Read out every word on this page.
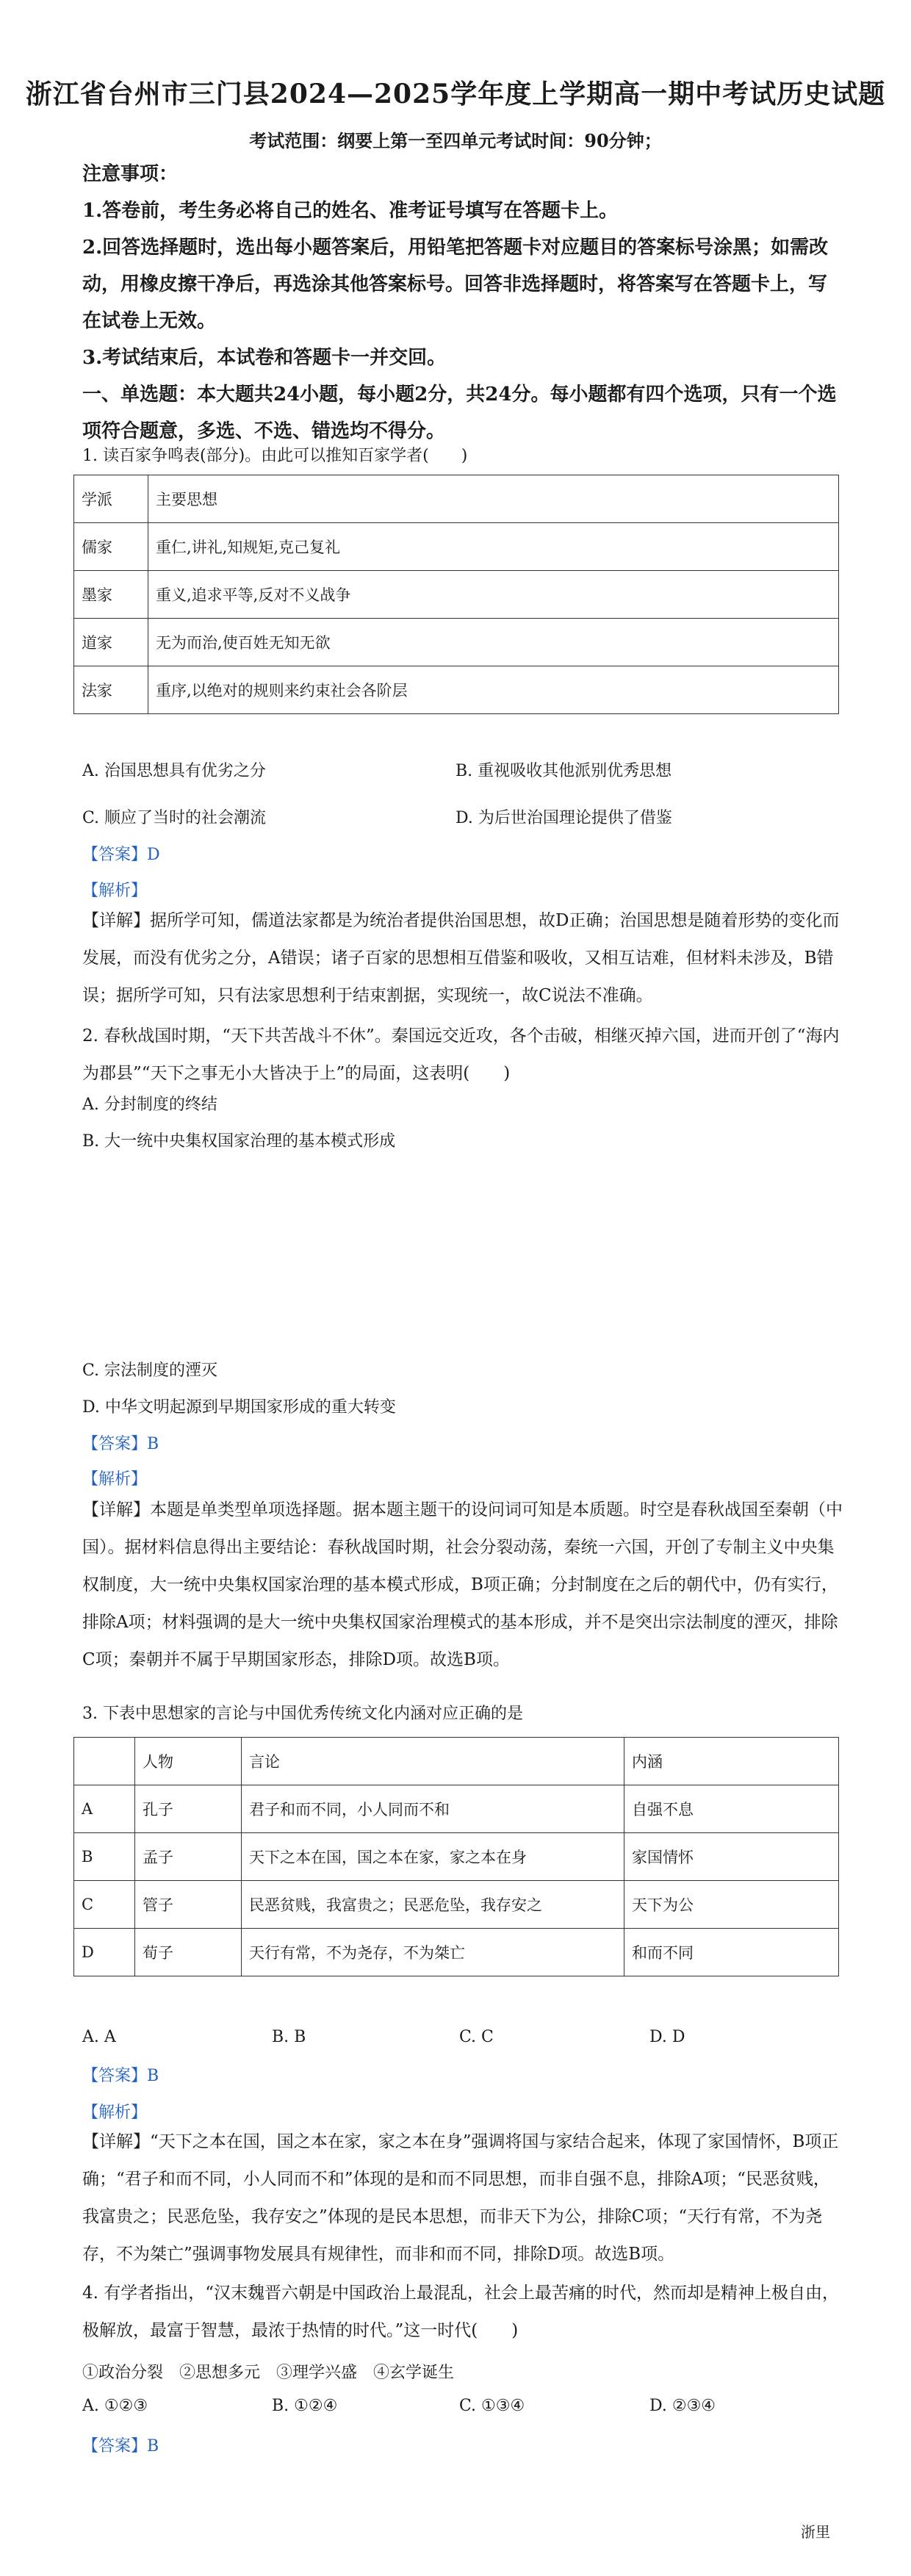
浙江省台州市三门县2024—2025学年度上学期高一期中考试历史试题
考试范围：纲要上第一至四单元考试时间：90分钟；
注意事项：
1.答卷前，考生务必将自己的姓名、准考证号填写在答题卡上。
2.回答选择题时，选出每小题答案后，用铅笔把答题卡对应题目的答案标号涂黑；如需改动，用橡皮擦干净后，再选涂其他答案标号。回答非选择题时，将答案写在答题卡上，写在试卷上无效。
3.考试结束后，本试卷和答题卡一并交回。
一、单选题：本大题共24小题，每小题2分，共24分。每小题都有四个选项，只有一个选项符合题意，多选、不选、错选均不得分。
1. 读百家争鸣表(部分)。由此可以推知百家学者(　　)
学派	主要思想
儒家	重仁,讲礼,知规矩,克己复礼
墨家	重义,追求平等,反对不义战争
道家	无为而治,使百姓无知无欲
法家	重序,以绝对的规则来约束社会各阶层
A. 治国思想具有优劣之分	B. 重视吸收其他派别优秀思想
C. 顺应了当时的社会潮流	D. 为后世治国理论提供了借鉴
【答案】D
【解析】
【详解】据所学可知，儒道法家都是为统治者提供治国思想，故D正确；治国思想是随着形势的变化而发展，而没有优劣之分，A错误；诸子百家的思想相互借鉴和吸收，又相互诘难，但材料未涉及，B错误；据所学可知，只有法家思想利于结束割据，实现统一，故C说法不准确。
2. 春秋战国时期，“天下共苦战斗不休”。秦国远交近攻，各个击破，相继灭掉六国，进而开创了“海内为郡县”“天下之事无小大皆决于上”的局面，这表明(　　)
A. 分封制度的终结
B. 大一统中央集权国家治理的基本模式形成
C. 宗法制度的湮灭
D. 中华文明起源到早期国家形成的重大转变
【答案】B
【解析】
【详解】本题是单类型单项选择题。据本题主题干的设问词可知是本质题。时空是春秋战国至秦朝（中国）。据材料信息得出主要结论：春秋战国时期，社会分裂动荡，秦统一六国，开创了专制主义中央集权制度，大一统中央集权国家治理的基本模式形成，B项正确；分封制度在之后的朝代中，仍有实行，排除A项；材料强调的是大一统中央集权国家治理模式的基本形成，并不是突出宗法制度的湮灭，排除C项；秦朝并不属于早期国家形态，排除D项。故选B项。
3. 下表中思想家的言论与中国优秀传统文化内涵对应正确的是
	人物	言论	内涵
A	孔子	君子和而不同，小人同而不和	自强不息
B	孟子	天下之本在国，国之本在家，家之本在身	家国情怀
C	管子	民恶贫贱，我富贵之；民恶危坠，我存安之	天下为公
D	荀子	天行有常，不为尧存，不为桀亡	和而不同
A. A	B. B	C. C	D. D
【答案】B
【解析】
【详解】“天下之本在国，国之本在家，家之本在身”强调将国与家结合起来，体现了家国情怀，B项正确；“君子和而不同，小人同而不和”体现的是和而不同思想，而非自强不息，排除A项；“民恶贫贱，我富贵之；民恶危坠，我存安之”体现的是民本思想，而非天下为公，排除C项；“天行有常，不为尧存，不为桀亡”强调事物发展具有规律性，而非和而不同，排除D项。故选B项。
4. 有学者指出，“汉末魏晋六朝是中国政治上最混乱，社会上最苦痛的时代，然而却是精神上极自由，极解放，最富于智慧，最浓于热情的时代。”这一时代(　　)
①政治分裂　②思想多元　③理学兴盛　④玄学诞生
A. ①②③	B. ①②④	C. ①③④	D. ②③④
【答案】B
浙里
